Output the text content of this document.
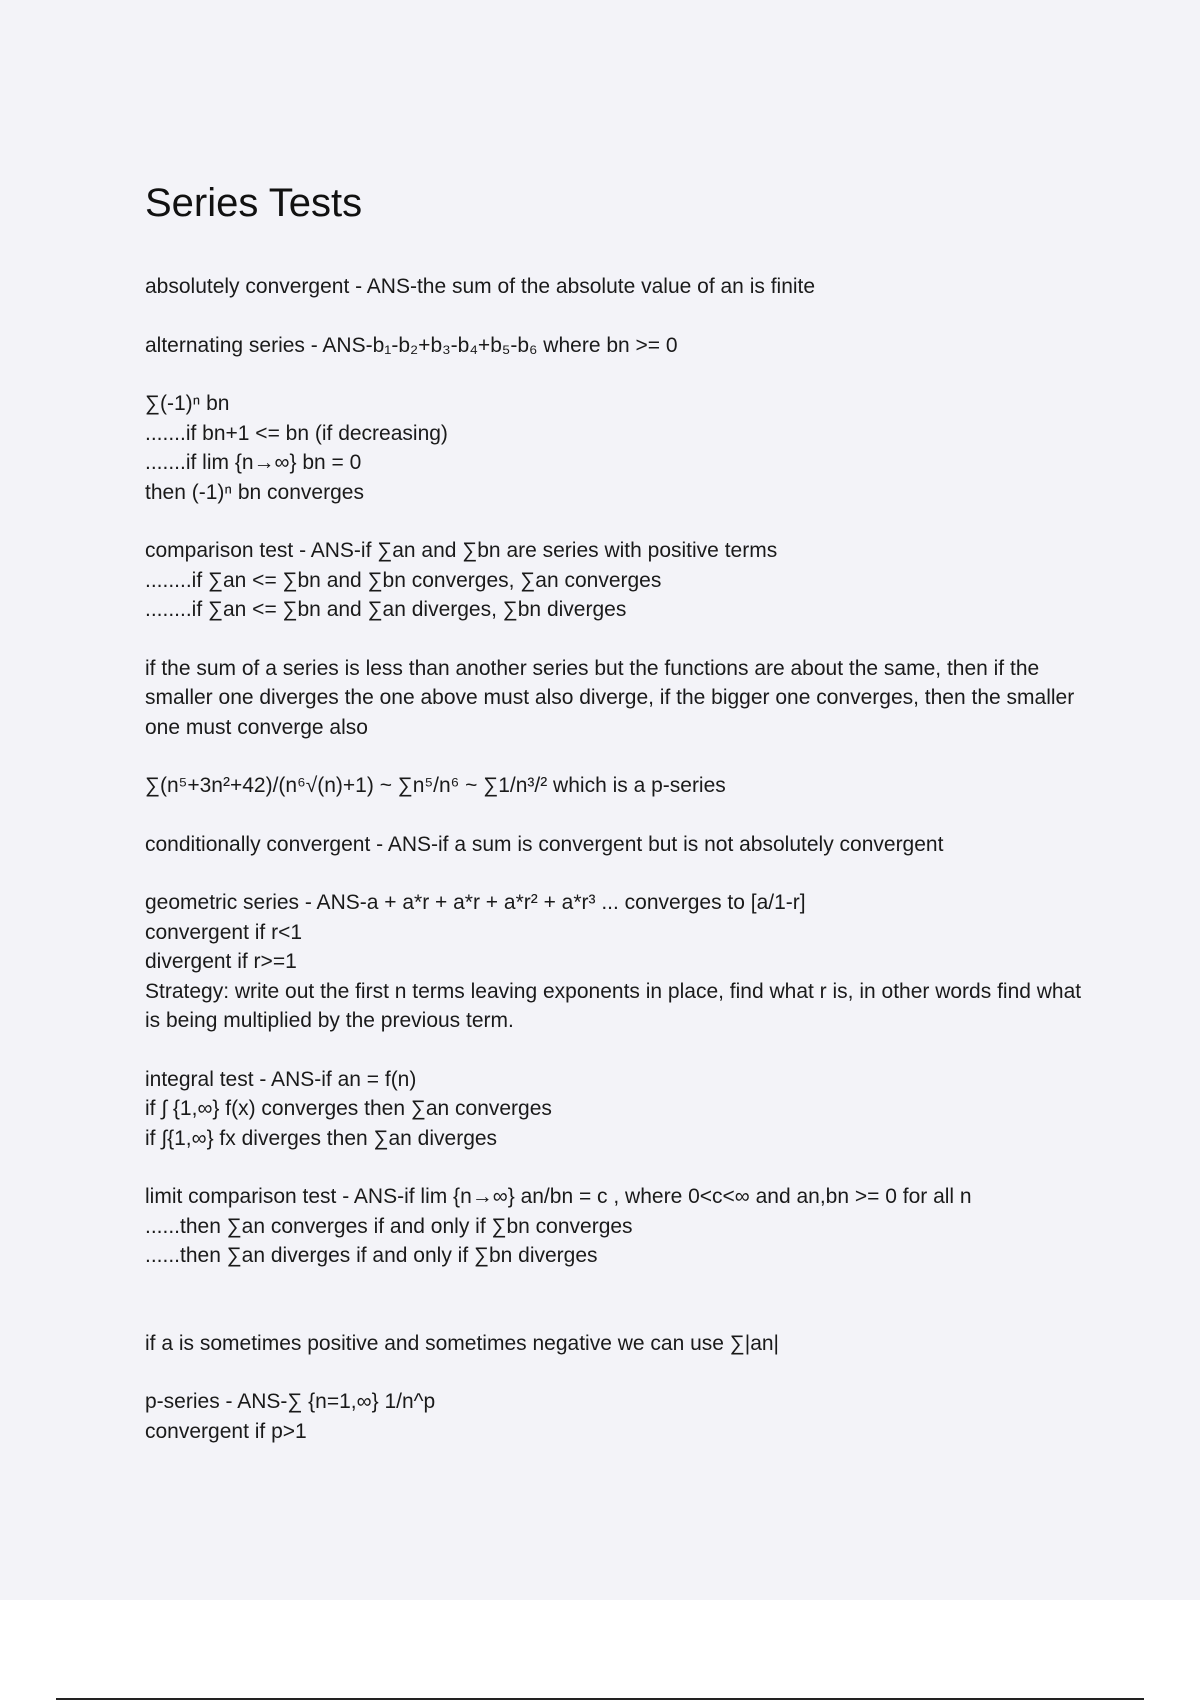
Series Tests
absolutely convergent - ANS-the sum of the absolute value of an is finite
alternating series - ANS-b₁-b₂+b₃-b₄+b₅-b₆ where bn >= 0
∑(-1)ⁿ bn
.......if bn+1 <= bn (if decreasing)
.......if lim {n→∞} bn = 0
then (-1)ⁿ bn converges
comparison test - ANS-if ∑an and ∑bn are series with positive terms
........if ∑an <= ∑bn and ∑bn converges, ∑an converges
........if ∑an <= ∑bn and ∑an diverges, ∑bn diverges
if the sum of a series is less than another series but the functions are about the same, then if the smaller one diverges the one above must also diverge, if the bigger one converges, then the smaller one must converge also
∑(n⁵+3n²+42)/(n⁶√(n)+1) ~ ∑n⁵/n⁶ ~ ∑1/n³/² which is a p-series
conditionally convergent - ANS-if a sum is convergent but is not absolutely convergent
geometric series - ANS-a + a*r + a*r + a*r² + a*r³ ... converges to [a/1-r]
convergent if r<1
divergent if r>=1
Strategy: write out the first n terms leaving exponents in place, find what r is, in other words find what is being multiplied by the previous term.
integral test - ANS-if an = f(n)
if ∫ {1,∞} f(x) converges then ∑an converges
if ∫{1,∞} fx diverges then ∑an diverges
limit comparison test - ANS-if lim {n→∞} an/bn = c , where 0<c<∞ and an,bn >= 0 for all n
......then ∑an converges if and only if ∑bn converges
......then ∑an diverges if and only if ∑bn diverges
if a is sometimes positive and sometimes negative we can use ∑|an|
p-series - ANS-∑ {n=1,∞} 1/n^p
convergent if p>1
